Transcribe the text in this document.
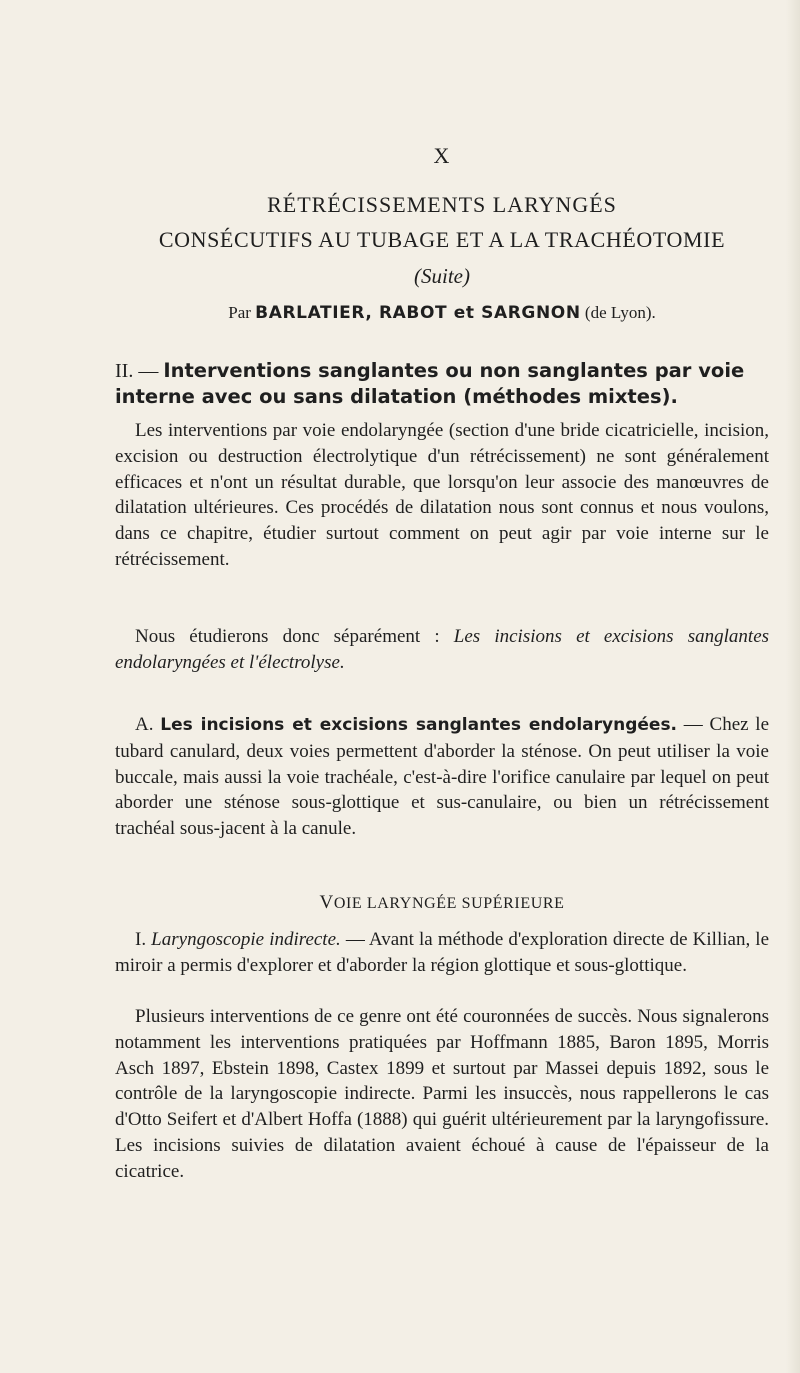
X
RÉTRÉCISSEMENTS LARYNGÉS
CONSÉCUTIFS AU TUBAGE ET A LA TRACHÉOTOMIE
(Suite)
Par BARLATIER, RABOT et SARGNON (de Lyon).
II. — Interventions sanglantes ou non sanglantes par voie interne avec ou sans dilatation (méthodes mixtes).

Les interventions par voie endolaryngée (section d'une bride cicatricielle, incision, excision ou destruction électrolytique d'un rétrécissement) ne sont généralement efficaces et n'ont un résultat durable, que lorsqu'on leur associe des manœuvres de dilatation ultérieures. Ces procédés de dilatation nous sont connus et nous voulons, dans ce chapitre, étudier surtout comment on peut agir par voie interne sur le rétrécissement.

Nous étudierons donc séparément : Les incisions et excisions sanglantes endolaryngées et l'électrolyse.

A. Les incisions et excisions sanglantes endolaryngées. — Chez le tubard canulard, deux voies permettent d'aborder la sténose. On peut utiliser la voie buccale, mais aussi la voie trachéale, c'est-à-dire l'orifice canulaire par lequel on peut aborder une sténose sous-glottique et sus-canulaire, ou bien un rétrécissement trachéal sous-jacent à la canule.

VOIE LARYNGÉE SUPÉRIEURE

I. Laryngoscopie indirecte. — Avant la méthode d'exploration directe de Killian, le miroir a permis d'explorer et d'aborder la région glottique et sous-glottique.

Plusieurs interventions de ce genre ont été couronnées de succès. Nous signalerons notamment les interventions pratiquées par Hoffmann 1885, Baron 1895, Morris Asch 1897, Ebstein 1898, Castex 1899 et surtout par Massei depuis 1892, sous le contrôle de la laryngoscopie indirecte. Parmi les insuccès, nous rappellerons le cas d'Otto Seifert et d'Albert Hoffa (1888) qui guérit ultérieurement par la laryngofissure. Les incisions suivies de dilatation avaient échoué à cause de l'épaisseur de la cicatrice.
